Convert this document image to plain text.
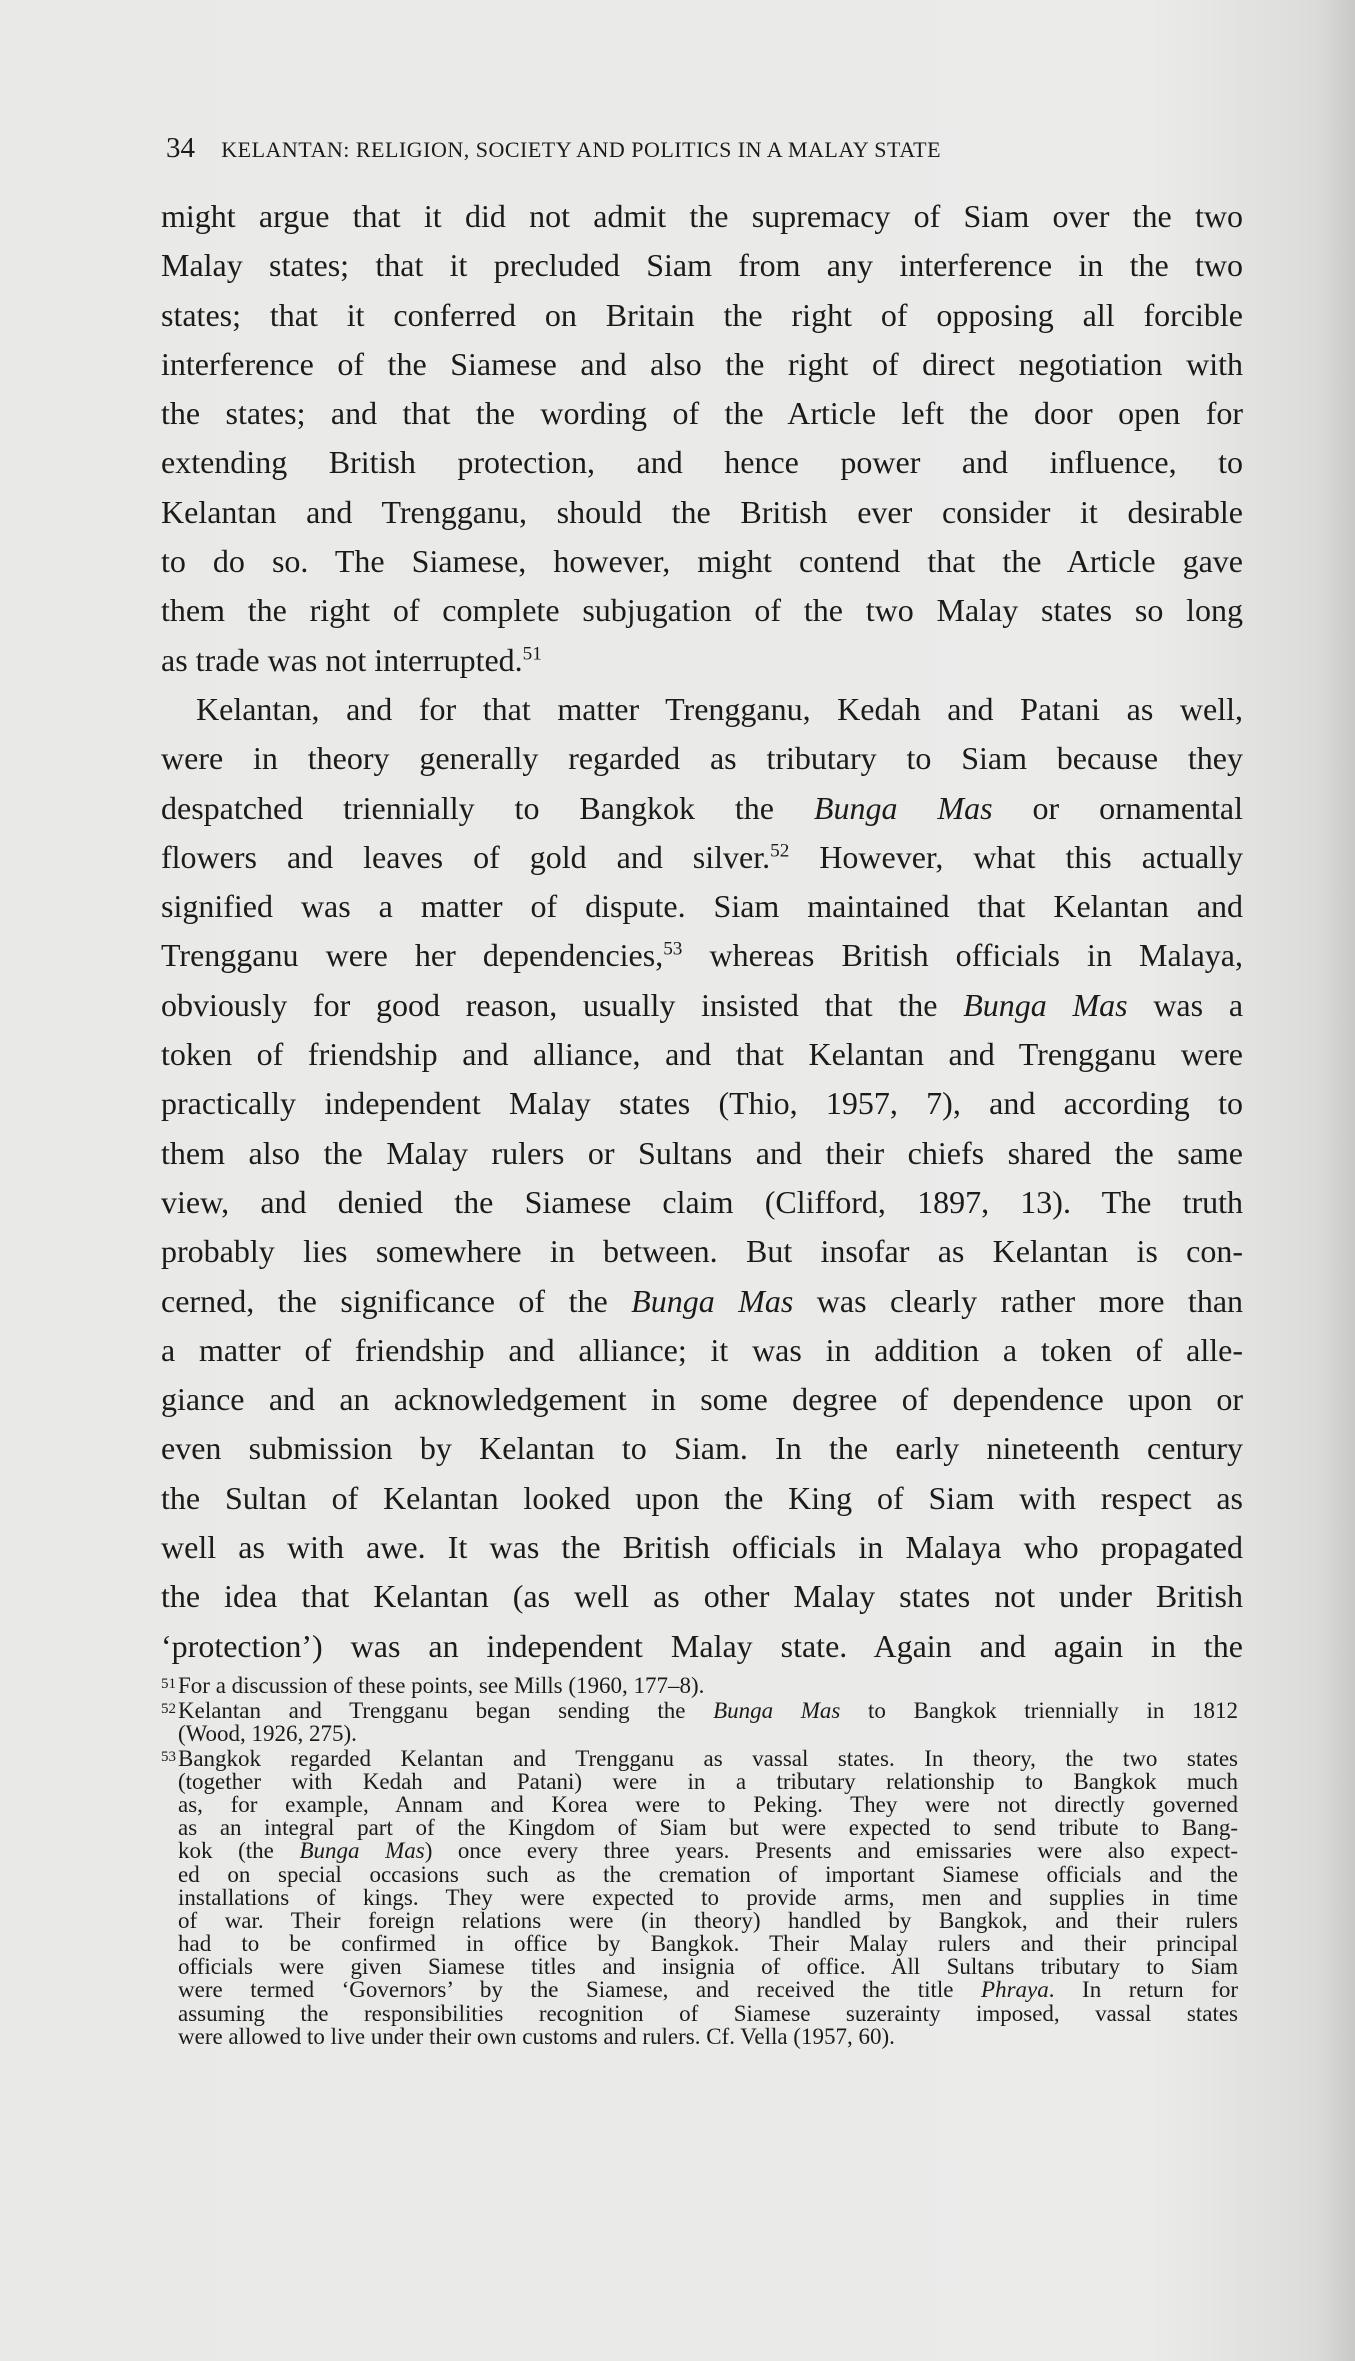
34 KELANTAN: RELIGION, SOCIETY AND POLITICS IN A MALAY STATE
might argue that it did not admit the supremacy of Siam over the two
Malay states; that it precluded Siam from any interference in the two
states; that it conferred on Britain the right of opposing all forcible
interference of the Siamese and also the right of direct negotiation with
the states; and that the wording of the Article left the door open for
extending British protection, and hence power and influence, to
Kelantan and Trengganu, should the British ever consider it desirable
to do so. The Siamese, however, might contend that the Article gave
them the right of complete subjugation of the two Malay states so long
as trade was not interrupted.$^{51}$
Kelantan, and for that matter Trengganu, Kedah and Patani as well,
were in theory generally regarded as tributary to Siam because they
despatched triennially to Bangkok the Bunga Mas or ornamental
flowers and leaves of gold and silver.$^{52}$ However, what this actually
signified was a matter of dispute. Siam maintained that Kelantan and
Trengganu were her dependencies,$^{53}$ whereas British officials in Malaya,
obviously for good reason, usually insisted that the Bunga Mas was a
token of friendship and alliance, and that Kelantan and Trengganu were
practically independent Malay states (Thio, 1957, 7), and according to
them also the Malay rulers or Sultans and their chiefs shared the same
view, and denied the Siamese claim (Clifford, 1897, 13). The truth
probably lies somewhere in between. But insofar as Kelantan is con-
cerned, the significance of the Bunga Mas was clearly rather more than
a matter of friendship and alliance; it was in addition a token of alle-
giance and an acknowledgement in some degree of dependence upon or
even submission by Kelantan to Siam. In the early nineteenth century
the Sultan of Kelantan looked upon the King of Siam with respect as
well as with awe. It was the British officials in Malaya who propagated
the idea that Kelantan (as well as other Malay states not under British
‘protection’) was an independent Malay state. Again and again in the
51 For a discussion of these points, see Mills (1960, 177–8).
52 Kelantan and Trengganu began sending the Bunga Mas to Bangkok triennially in 1812
(Wood, 1926, 275).
53 Bangkok regarded Kelantan and Trengganu as vassal states. In theory, the two states
(together with Kedah and Patani) were in a tributary relationship to Bangkok much
as, for example, Annam and Korea were to Peking. They were not directly governed
as an integral part of the Kingdom of Siam but were expected to send tribute to Bang-
kok (the Bunga Mas) once every three years. Presents and emissaries were also expect-
ed on special occasions such as the cremation of important Siamese officials and the
installations of kings. They were expected to provide arms, men and supplies in time
of war. Their foreign relations were (in theory) handled by Bangkok, and their rulers
had to be confirmed in office by Bangkok. Their Malay rulers and their principal
officials were given Siamese titles and insignia of office. All Sultans tributary to Siam
were termed ‘Governors’ by the Siamese, and received the title Phraya. In return for
assuming the responsibilities recognition of Siamese suzerainty imposed, vassal states
were allowed to live under their own customs and rulers. Cf. Vella (1957, 60).
